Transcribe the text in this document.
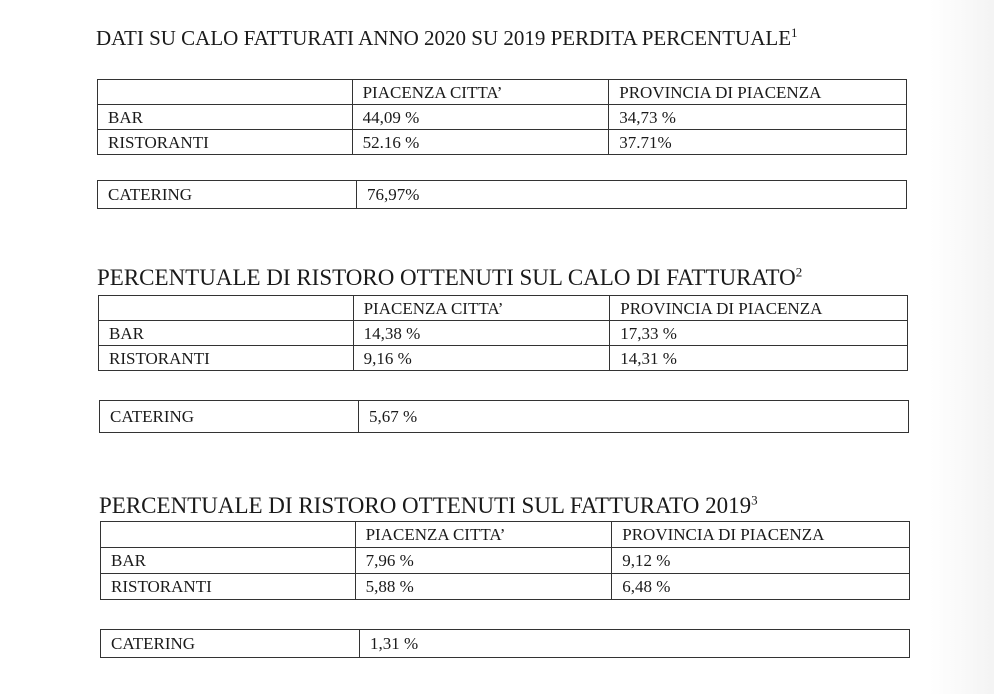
DATI SU CALO FATTURATI ANNO 2020 SU 2019 PERDITA PERCENTUALE$^1$
	PIACENZA CITTA’	PROVINCIA DI PIACENZA
BAR	44,09 %	34,73 %
RISTORANTI	52.16 %	37.71%
CATERING	76,97%
PERCENTUALE DI RISTORO OTTENUTI SUL CALO DI FATTURATO$^2$
	PIACENZA CITTA’	PROVINCIA DI PIACENZA
BAR	14,38 %	17,33 %
RISTORANTI	9,16 %	14,31 %
CATERING	5,67 %
PERCENTUALE DI RISTORO OTTENUTI SUL FATTURATO 2019$^3$
	PIACENZA CITTA’	PROVINCIA DI PIACENZA
BAR	7,96 %	9,12 %
RISTORANTI	5,88 %	6,48 %
CATERING	1,31 %
